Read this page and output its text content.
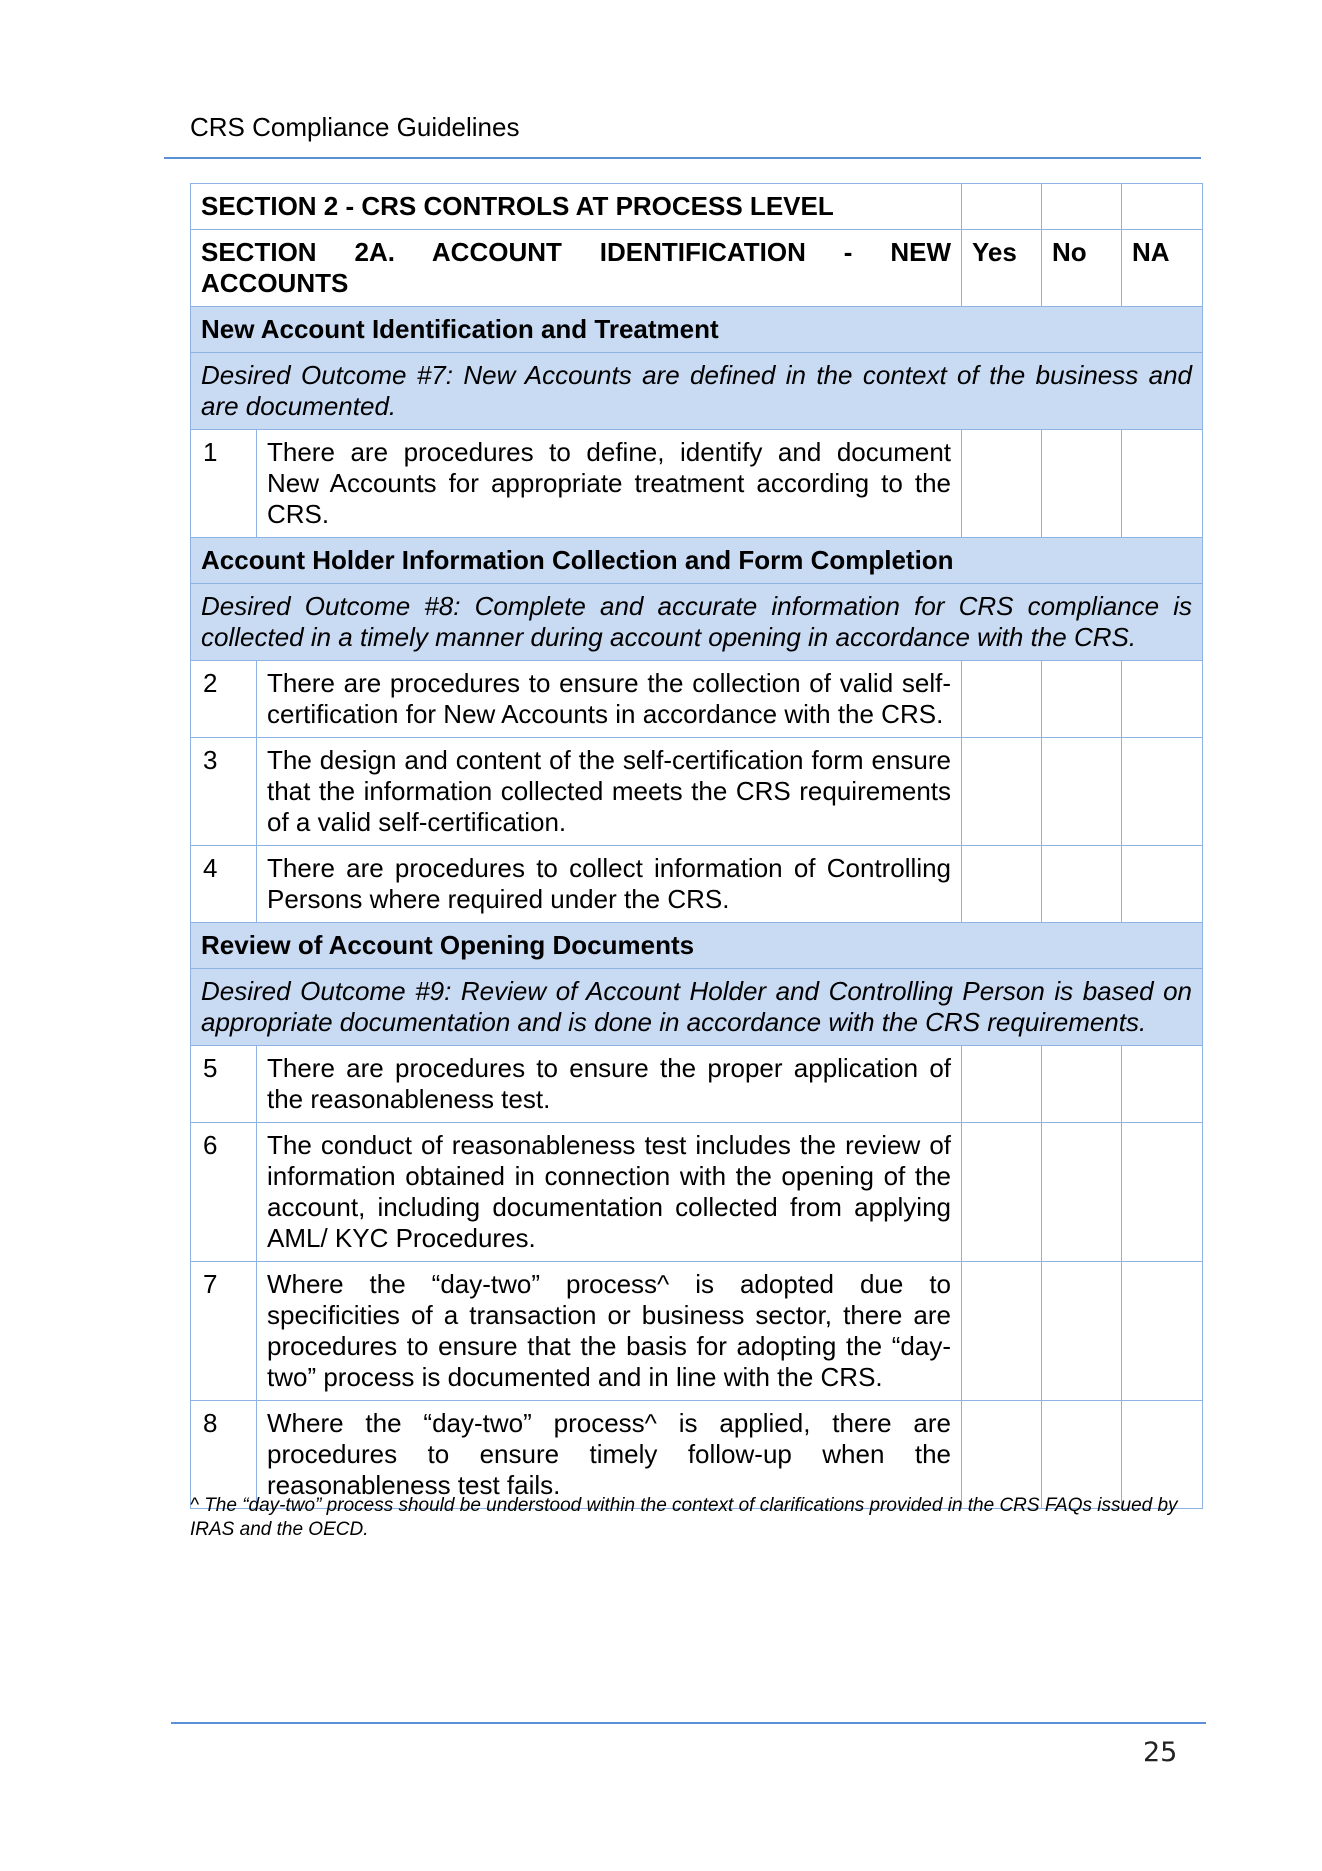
CRS Compliance Guidelines
SECTION 2 - CRS CONTROLS AT PROCESS LEVEL				
SECTION 2A. ACCOUNT IDENTIFICATION - NEW ACCOUNTS		Yes	No	NA
New Account Identification and Treatment				
Desired Outcome #7: New Accounts are defined in the context of the business and are documented.				
1	There are procedures to define, identify and document New Accounts for appropriate treatment according to the CRS.			
Account Holder Information Collection and Form Completion				
Desired Outcome #8: Complete and accurate information for CRS compliance is collected in a timely manner during account opening in accordance with the CRS.				
2	There are procedures to ensure the collection of valid self-certification for New Accounts in accordance with the CRS.			
3	The design and content of the self-certification form ensure that the information collected meets the CRS requirements of a valid self-certification.			
4	There are procedures to collect information of Controlling Persons where required under the CRS.			
Review of Account Opening Documents				
Desired Outcome #9: Review of Account Holder and Controlling Person is based on appropriate documentation and is done in accordance with the CRS requirements.				
5	There are procedures to ensure the proper application of the reasonableness test.			
6	The conduct of reasonableness test includes the review of information obtained in connection with the opening of the account, including documentation collected from applying AML/ KYC Procedures.			
7	Where the “day-two” process^ is adopted due to specificities of a transaction or business sector, there are procedures to ensure that the basis for adopting the “day-two” process is documented and in line with the CRS.			
8	Where the “day-two” process^ is applied, there are procedures to ensure timely follow-up when the reasonableness test fails.			
^ The “day-two” process should be understood within the context of clarifications provided in the CRS FAQs issued by IRAS and the OECD.
25
